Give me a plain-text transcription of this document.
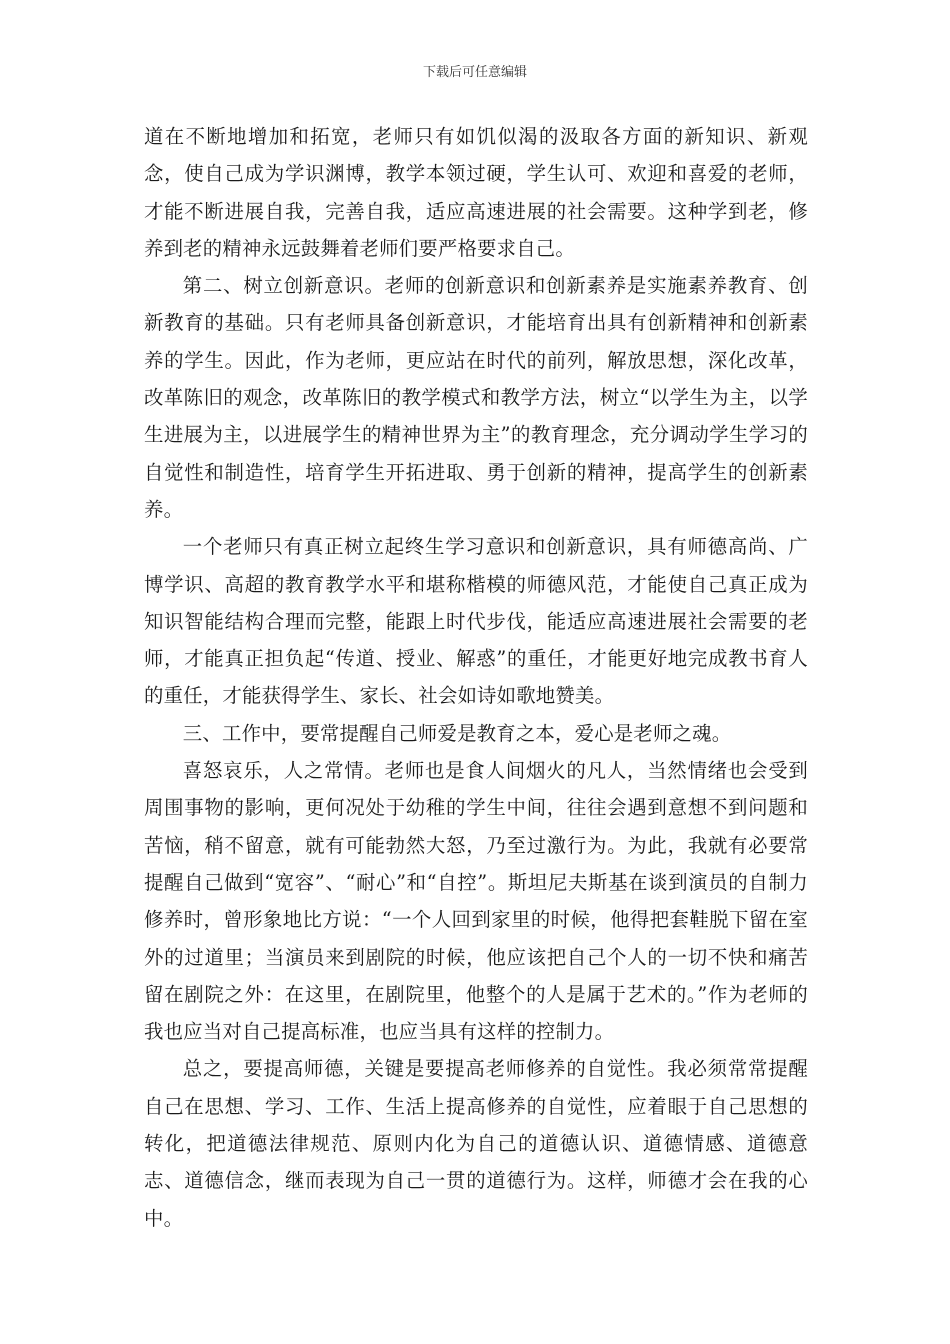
下载后可任意编辑

道在不断地增加和拓宽，老师只有如饥似渴的汲取各方面的新知识、新观念，使自己成为学识渊博，教学本领过硬，学生认可、欢迎和喜爱的老师，才能不断进展自我，完善自我，适应高速进展的社会需要。这种学到老，修养到老的精神永远鼓舞着老师们要严格要求自己。

第二、树立创新意识。老师的创新意识和创新素养是实施素养教育、创新教育的基础。只有老师具备创新意识，才能培育出具有创新精神和创新素养的学生。因此，作为老师，更应站在时代的前列，解放思想，深化改革，改革陈旧的观念，改革陈旧的教学模式和教学方法，树立“以学生为主，以学生进展为主，以进展学生的精神世界为主”的教育理念，充分调动学生学习的自觉性和制造性，培育学生开拓进取、勇于创新的精神，提高学生的创新素养。

一个老师只有真正树立起终生学习意识和创新意识，具有师德高尚、广博学识、高超的教育教学水平和堪称楷模的师德风范，才能使自己真正成为知识智能结构合理而完整，能跟上时代步伐，能适应高速进展社会需要的老师，才能真正担负起“传道、授业、解惑”的重任，才能更好地完成教书育人的重任，才能获得学生、家长、社会如诗如歌地赞美。

三、工作中，要常提醒自己师爱是教育之本，爱心是老师之魂。

喜怒哀乐，人之常情。老师也是食人间烟火的凡人，当然情绪也会受到周围事物的影响，更何况处于幼稚的学生中间，往往会遇到意想不到问题和苦恼，稍不留意，就有可能勃然大怒，乃至过激行为。为此，我就有必要常提醒自己做到“宽容”、“耐心”和“自控”。斯坦尼夫斯基在谈到演员的自制力修养时，曾形象地比方说：“一个人回到家里的时候，他得把套鞋脱下留在室外的过道里；当演员来到剧院的时候，他应该把自己个人的一切不快和痛苦留在剧院之外：在这里，在剧院里，他整个的人是属于艺术的。”作为老师的我也应当对自己提高标准，也应当具有这样的控制力。

总之，要提高师德，关键是要提高老师修养的自觉性。我必须常常提醒自己在思想、学习、工作、生活上提高修养的自觉性，应着眼于自己思想的转化，把道德法律规范、原则内化为自己的道德认识、道德情感、道德意志、道德信念，继而表现为自己一贯的道德行为。这样，师德才会在我的心中。
